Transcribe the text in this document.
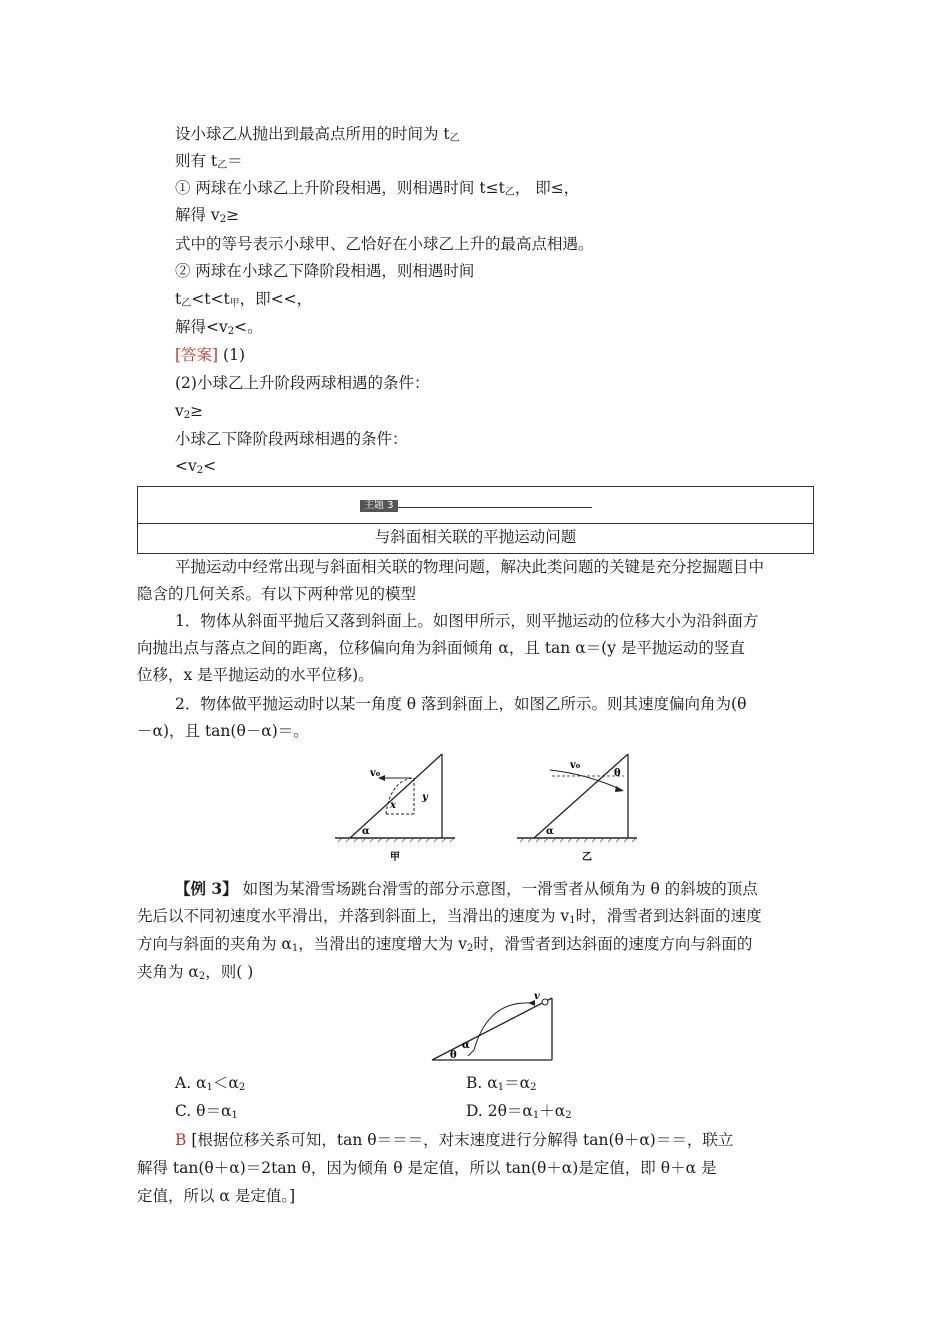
设小球乙从抛出到最高点所用的时间为 $t_乙$
则有 $t_乙=$
① 两球在小球乙上升阶段相遇，则相遇时间 $t\le t_乙$， 即≤，
解得 $v_2\ge$
式中的等号表示小球甲、乙恰好在小球乙上升的最高点相遇。
② 两球在小球乙下降阶段相遇，则相遇时间
$t_乙<t<t_甲$，即<<，
解得$<v_2<$。
[答案] (1)
(2)小球乙上升阶段两球相遇的条件：
$v_2\ge$
小球乙下降阶段两球相遇的条件：
$<v_2<$
主题 3
与斜面相关联的平抛运动问题
平抛运动中经常出现与斜面相关联的物理问题，解决此类问题的关键是充分挖掘题目中
隐含的几何关系。有以下两种常见的模型
1．物体从斜面平抛后又落到斜面上。如图甲所示，则平抛运动的位移大小为沿斜面方
向抛出点与落点之间的距离，位移偏向角为斜面倾角 α，且 tan α＝(y 是平抛运动的竖直
位移，x 是平抛运动的水平位移)。
2．物体做平抛运动时以某一角度 θ 落到斜面上，如图乙所示。则其速度偏向角为(θ
－α)，且 tan(θ－α)＝。
v₀
x
y
α
甲
v₀
θ
α
乙
【例 3】 如图为某滑雪场跳台滑雪的部分示意图，一滑雪者从倾角为 θ 的斜坡的顶点
先后以不同初速度水平滑出，并落到斜面上，当滑出的速度为 $v_1$时，滑雪者到达斜面的速度
方向与斜面的夹角为 $\alpha_1$，当滑出的速度增大为 $v_2$时，滑雪者到达斜面的速度方向与斜面的
夹角为 $\alpha_2$，则( )
v
α
θ
A. $\alpha_1<\alpha_2$	B. $\alpha_1=\alpha_2$
C. $\theta=\alpha_1$	D. $2\theta=\alpha_1+\alpha_2$
B [根据位移关系可知，tan θ＝＝＝，对末速度进行分解得 tan(θ＋α)＝＝，联立
解得 tan(θ＋α)＝2tan θ，因为倾角 θ 是定值，所以 tan(θ＋α)是定值，即 θ＋α 是
定值，所以 α 是定值。]
